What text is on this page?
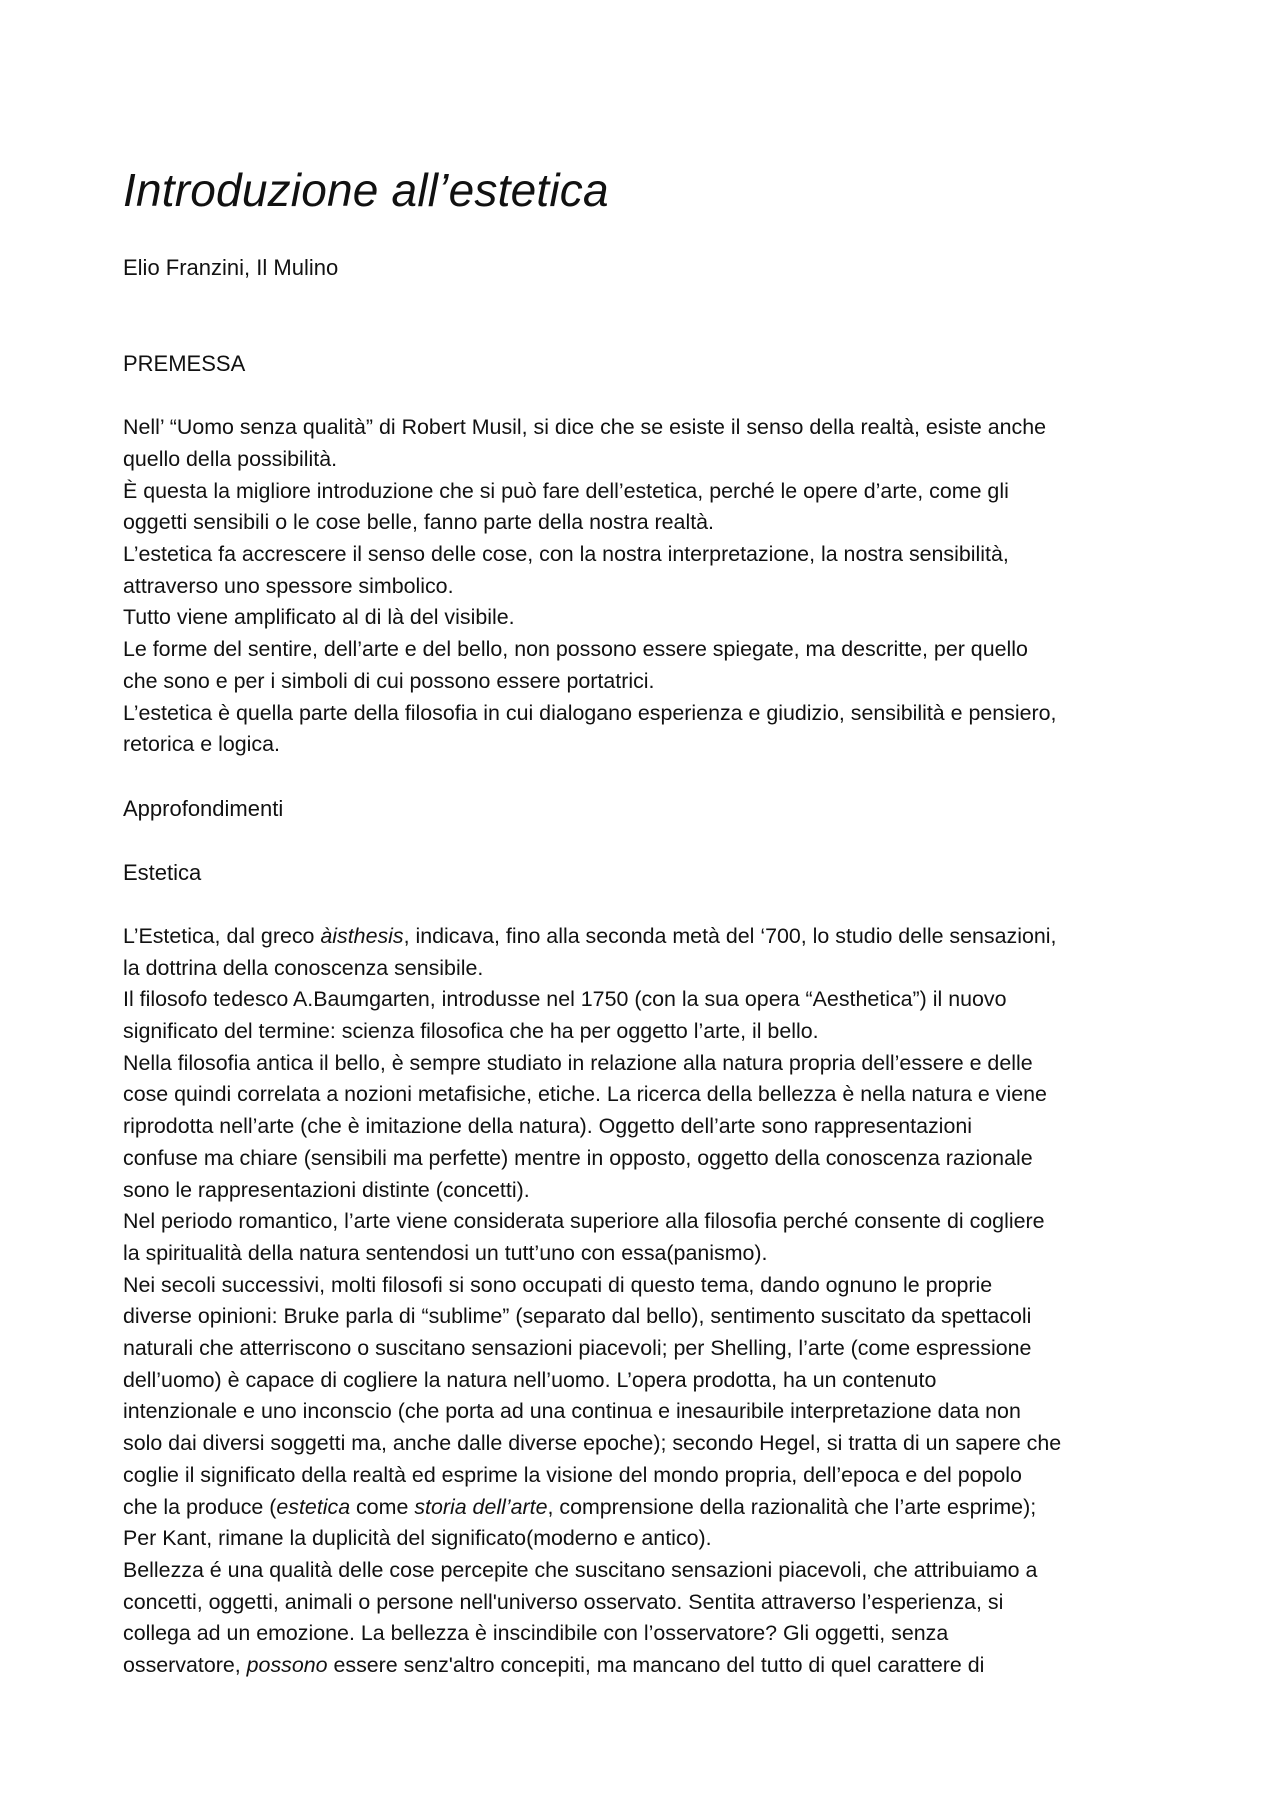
Introduzione all’estetica

Elio Franzini, Il Mulino

PREMESSA

Nell’ “Uomo senza qualità” di Robert Musil, si dice che se esiste il senso della realtà, esiste anche
quello della possibilità.
È questa la migliore introduzione che si può fare dell’estetica, perché le opere d’arte, come gli
oggetti sensibili o le cose belle, fanno parte della nostra realtà.
L’estetica fa accrescere il senso delle cose, con la nostra interpretazione, la nostra sensibilità,
attraverso uno spessore simbolico.
Tutto viene amplificato al di là del visibile.
Le forme del sentire, dell’arte e del bello, non possono essere spiegate, ma descritte, per quello
che sono e per i simboli di cui possono essere portatrici.
L’estetica è quella parte della filosofia in cui dialogano esperienza e giudizio, sensibilità e pensiero,
retorica e logica.

Approfondimenti

Estetica

L’Estetica, dal greco àisthesis, indicava, fino alla seconda metà del ‘700, lo studio delle sensazioni,
la dottrina della conoscenza sensibile.
Il filosofo tedesco A.Baumgarten, introdusse nel 1750 (con la sua opera “Aesthetica”) il nuovo
significato del termine: scienza filosofica che ha per oggetto l’arte, il bello.
Nella filosofia antica il bello, è sempre studiato in relazione alla natura propria dell’essere e delle
cose quindi correlata a nozioni metafisiche, etiche. La ricerca della bellezza è nella natura e viene
riprodotta nell’arte (che è imitazione della natura). Oggetto dell’arte sono rappresentazioni
confuse ma chiare (sensibili ma perfette) mentre in opposto, oggetto della conoscenza razionale
sono le rappresentazioni distinte (concetti).
Nel periodo romantico, l’arte viene considerata superiore alla filosofia perché consente di cogliere
la spiritualità della natura sentendosi un tutt’uno con essa(panismo).
Nei secoli successivi, molti filosofi si sono occupati di questo tema, dando ognuno le proprie
diverse opinioni: Bruke parla di “sublime” (separato dal bello), sentimento suscitato da spettacoli
naturali che atterriscono o suscitano sensazioni piacevoli; per Shelling, l’arte (come espressione
dell’uomo) è capace di cogliere la natura nell’uomo. L’opera prodotta, ha un contenuto
intenzionale e uno inconscio (che porta ad una continua e inesauribile interpretazione data non
solo dai diversi soggetti ma, anche dalle diverse epoche); secondo Hegel, si tratta di un sapere che
coglie il significato della realtà ed esprime la visione del mondo propria, dell’epoca e del popolo
che la produce (estetica come storia dell’arte, comprensione della razionalità che l’arte esprime);
Per Kant, rimane la duplicità del significato(moderno e antico).
Bellezza é una qualità delle cose percepite che suscitano sensazioni piacevoli, che attribuiamo a
concetti, oggetti, animali o persone nell'universo osservato. Sentita attraverso l’esperienza, si
collega ad un emozione. La bellezza è inscindibile con l’osservatore? Gli oggetti, senza
osservatore, possono essere senz'altro concepiti, ma mancano del tutto di quel carattere di
